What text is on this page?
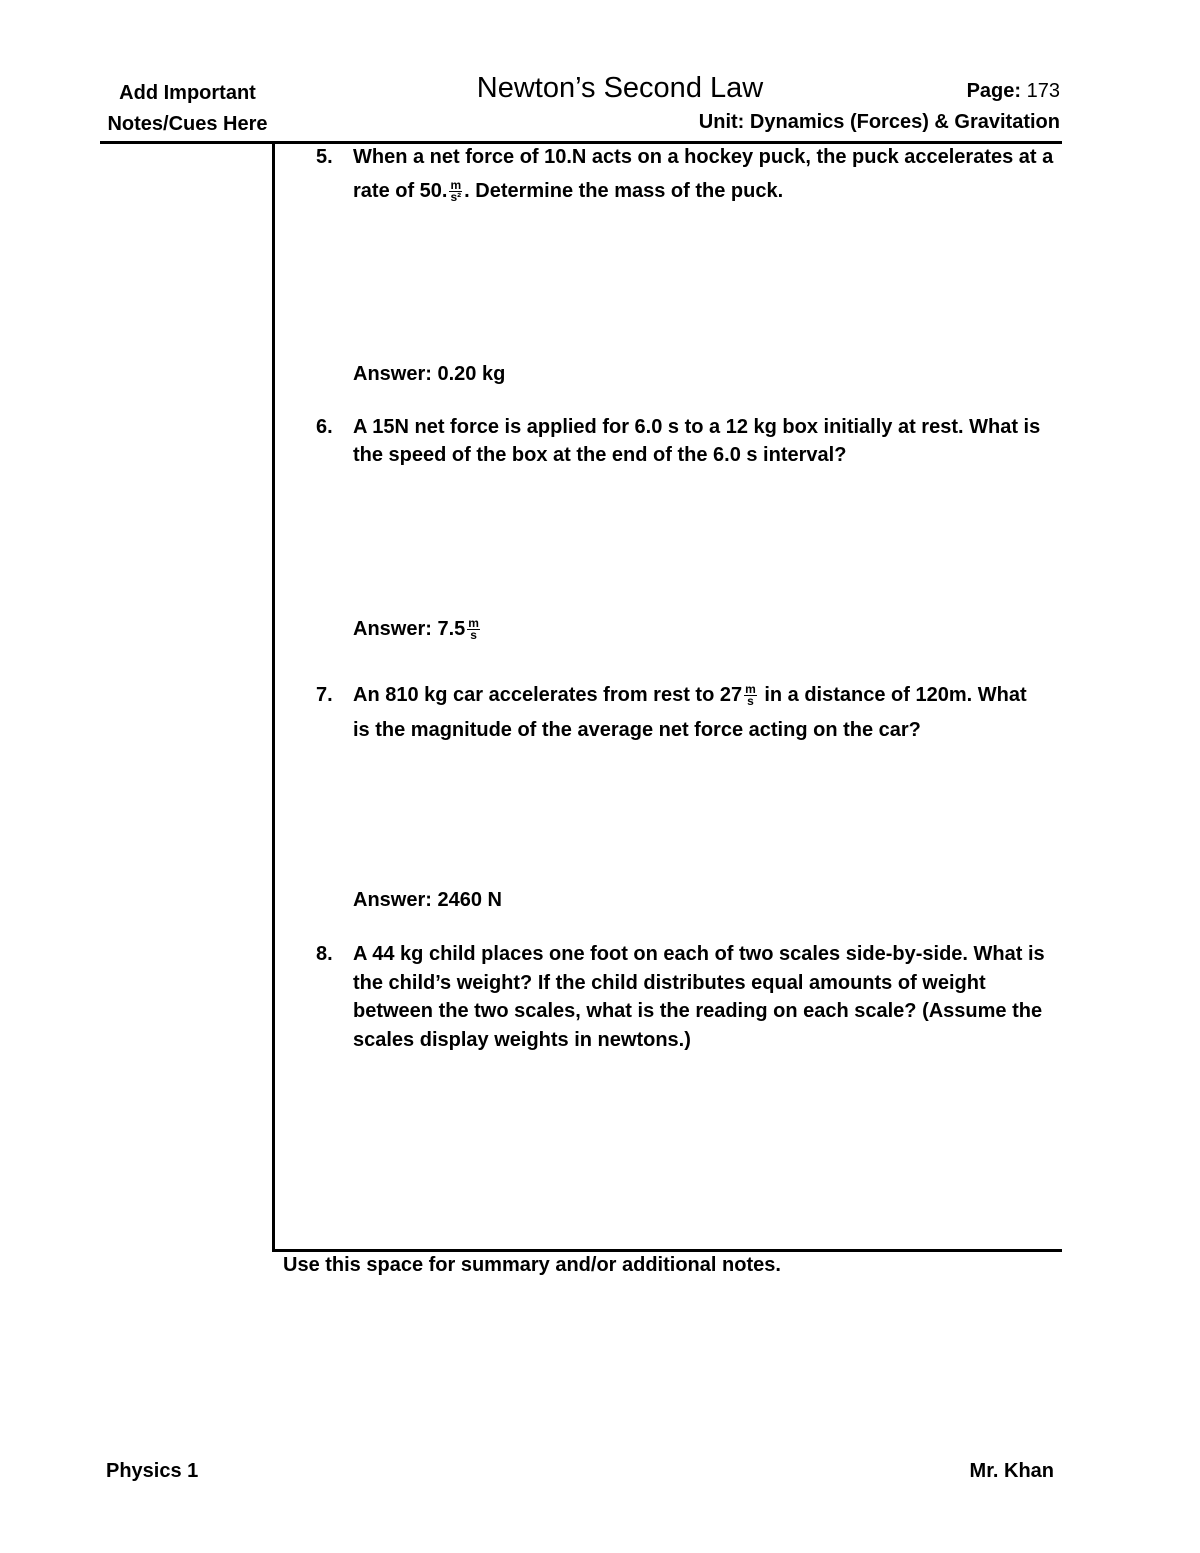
Add Important
Notes/Cues Here
Newton’s Second Law	Page: 173
Unit: Dynamics (Forces) & Gravitation
5. When a net force of 10.N acts on a hockey puck, the puck accelerates at a
rate of 50. $\frac{m}{\text{s²}}$ . Determine the mass of the puck.
Answer: 0.20 kg
6. A 15N net force is applied for 6.0 s to a 12 kg box initially at rest. What is
the speed of the box at the end of the 6.0 s interval?
Answer: $7.5 \frac{m}{s}$
7. An 810 kg car accelerates from rest to $27 \frac{m}{s}$ in a distance of 120m. What
is the magnitude of the average net force acting on the car?
Answer: 2460 N
8. A 44 kg child places one foot on each of two scales side-by-side. What is
the child’s weight? If the child distributes equal amounts of weight
between the two scales, what is the reading on each scale? (Assume the
scales display weights in newtons.)
Use this space for summary and/or additional notes.
Physics 1	Mr. Khan
